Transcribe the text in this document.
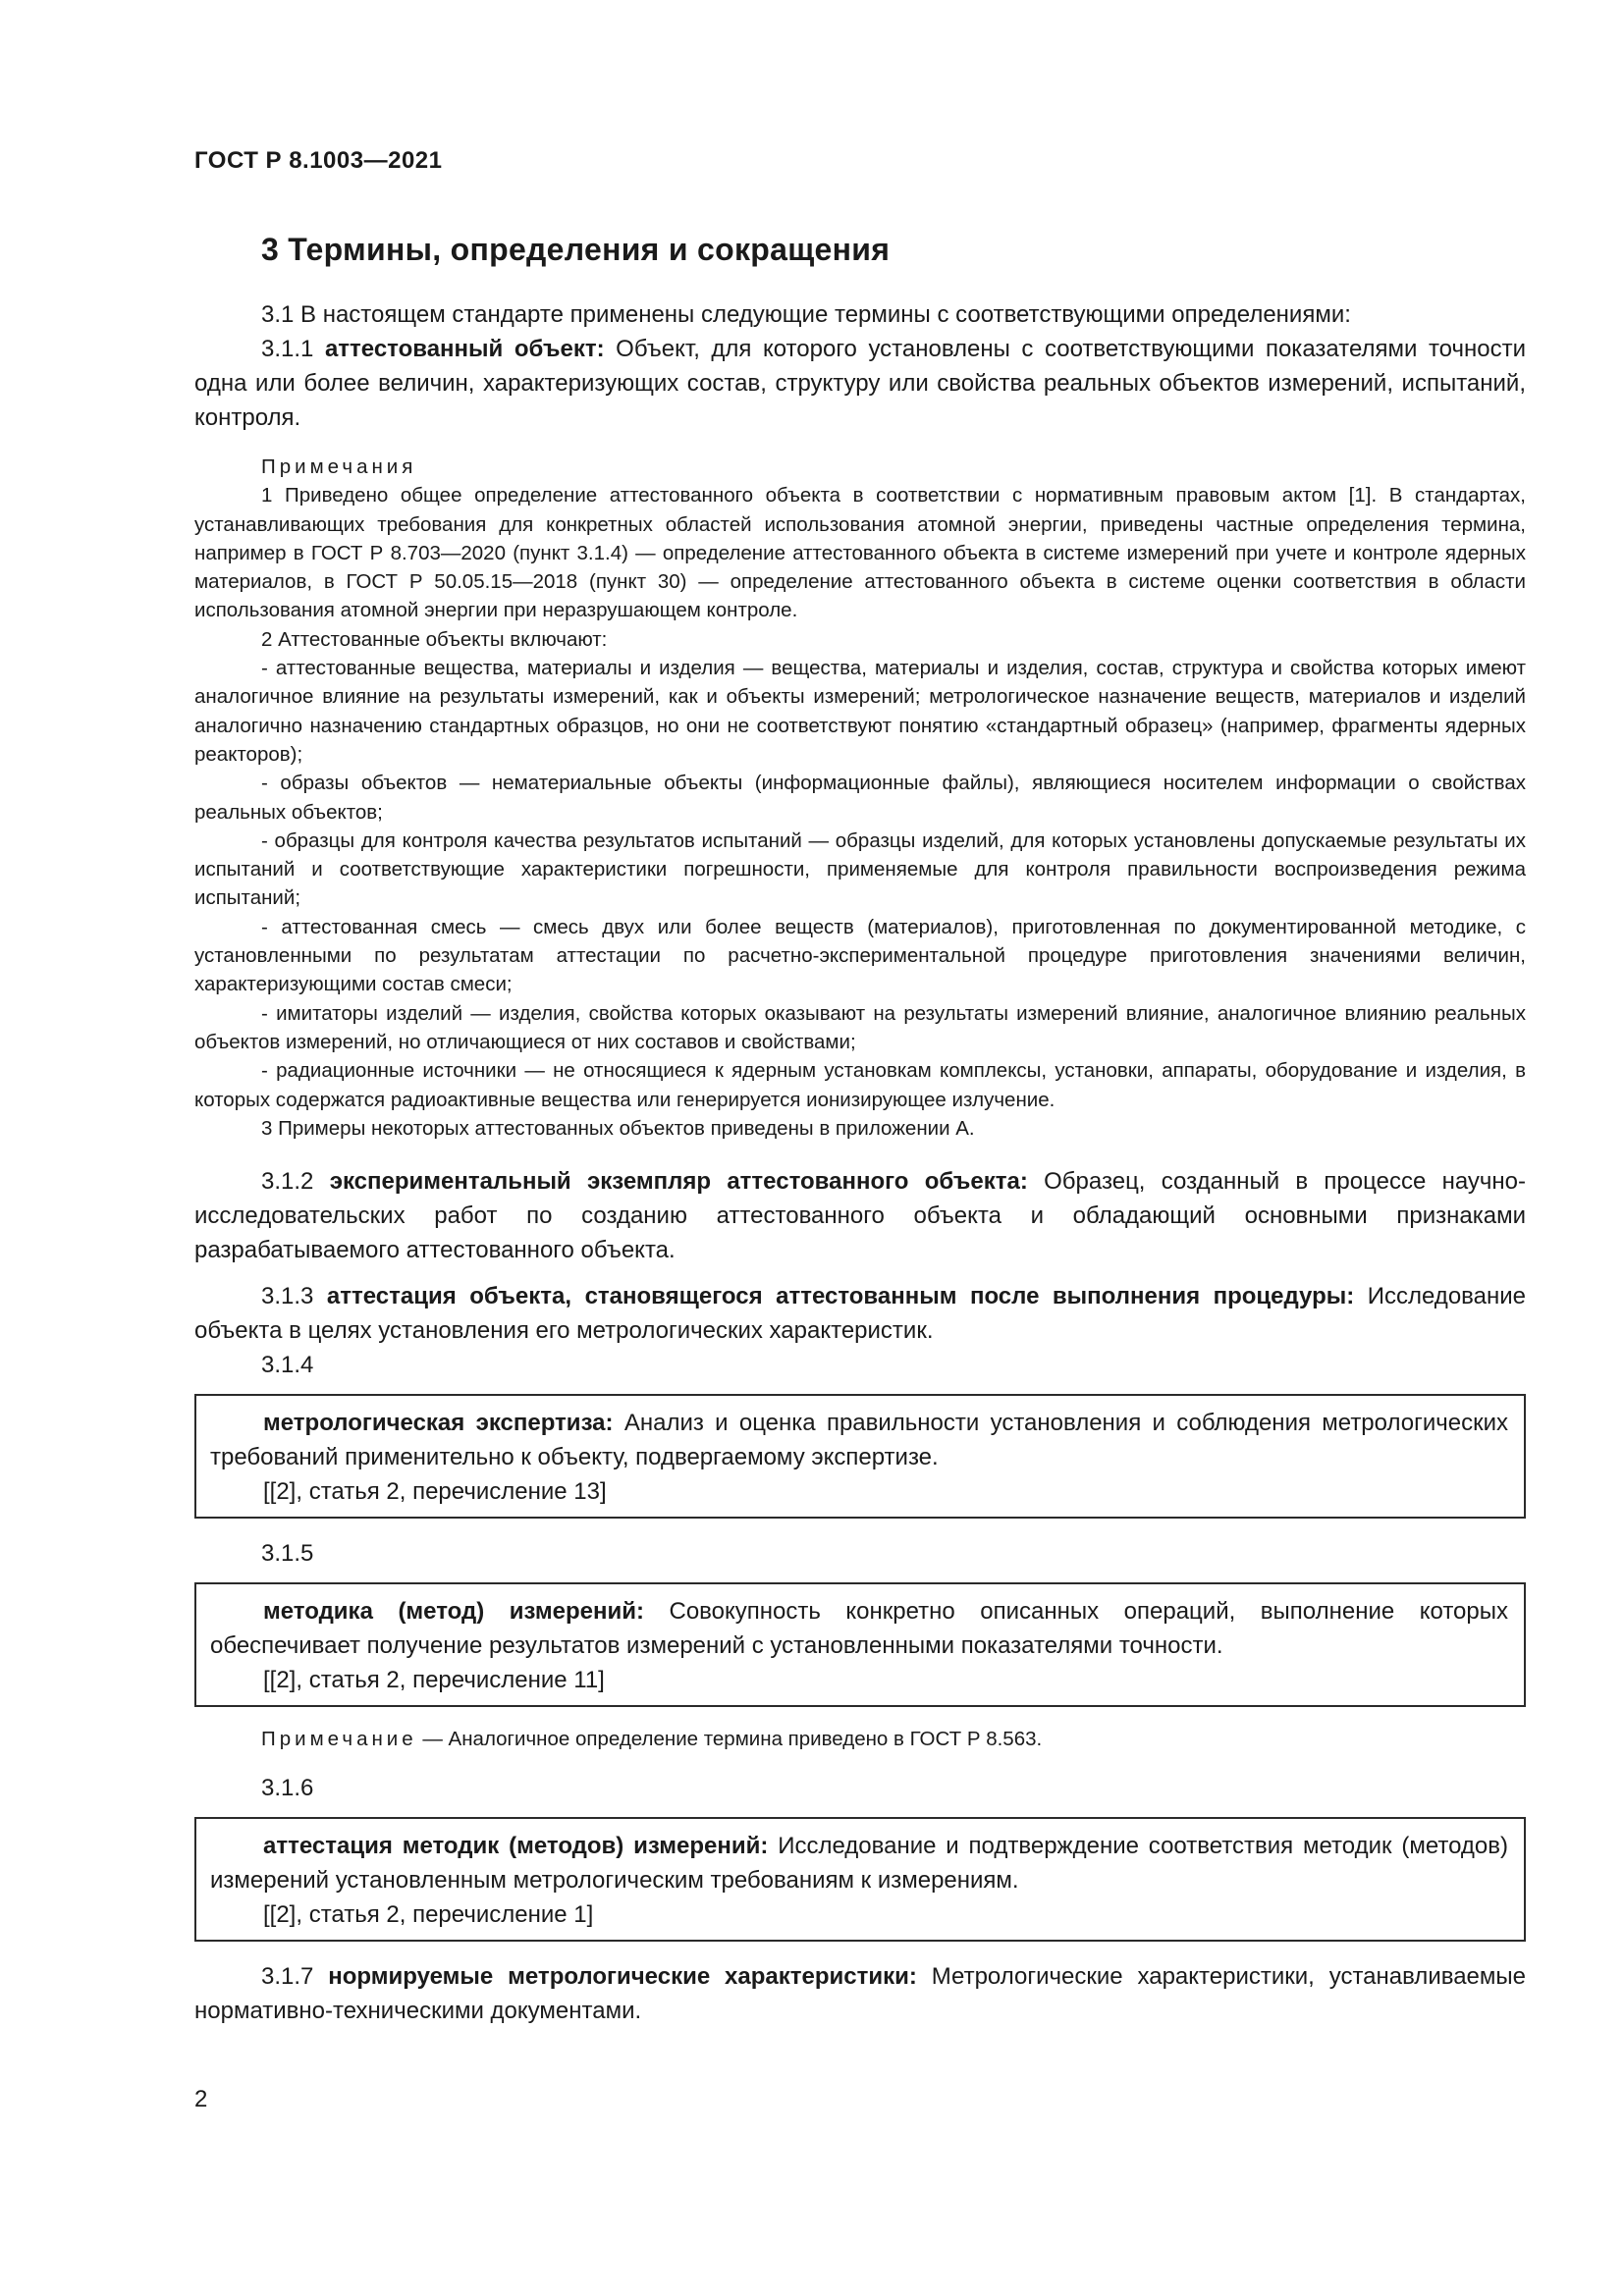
ГОСТ Р 8.1003—2021
3 Термины, определения и сокращения

3.1 В настоящем стандарте применены следующие термины с соответствующими определениями:

3.1.1 аттестованный объект: Объект, для которого установлены с соответствующими показателями точности одна или более величин, характеризующих состав, структуру или свойства реальных объектов измерений, испытаний, контроля.

Примечания

1 Приведено общее определение аттестованного объекта в соответствии с нормативным правовым актом [1]. В стандартах, устанавливающих требования для конкретных областей использования атомной энергии, приведены частные определения термина, например в ГОСТ Р 8.703—2020 (пункт 3.1.4) — определение аттестованного объекта в системе измерений при учете и контроле ядерных материалов, в ГОСТ Р 50.05.15—2018 (пункт 30) — определение аттестованного объекта в системе оценки соответствия в области использования атомной энергии при неразрушающем контроле.

2 Аттестованные объекты включают:

- аттестованные вещества, материалы и изделия — вещества, материалы и изделия, состав, структура и свойства которых имеют аналогичное влияние на результаты измерений, как и объекты измерений; метрологическое назначение веществ, материалов и изделий аналогично назначению стандартных образцов, но они не соответствуют понятию «стандартный образец» (например, фрагменты ядерных реакторов);

- образы объектов — нематериальные объекты (информационные файлы), являющиеся носителем информации о свойствах реальных объектов;

- образцы для контроля качества результатов испытаний — образцы изделий, для которых установлены допускаемые результаты их испытаний и соответствующие характеристики погрешности, применяемые для контроля правильности воспроизведения режима испытаний;

- аттестованная смесь — смесь двух или более веществ (материалов), приготовленная по документированной методике, с установленными по результатам аттестации по расчетно-экспериментальной процедуре приготовления значениями величин, характеризующими состав смеси;

- имитаторы изделий — изделия, свойства которых оказывают на результаты измерений влияние, аналогичное влиянию реальных объектов измерений, но отличающиеся от них составов и свойствами;

- радиационные источники — не относящиеся к ядерным установкам комплексы, установки, аппараты, оборудование и изделия, в которых содержатся радиоактивные вещества или генерируется ионизирующее излучение.

3 Примеры некоторых аттестованных объектов приведены в приложении А.

3.1.2 экспериментальный экземпляр аттестованного объекта: Образец, созданный в процессе научно-исследовательских работ по созданию аттестованного объекта и обладающий основными признаками разрабатываемого аттестованного объекта.

3.1.3 аттестация объекта, становящегося аттестованным после выполнения процедуры: Исследование объекта в целях установления его метрологических характеристик.

3.1.4

метрологическая экспертиза: Анализ и оценка правильности установления и соблюдения метрологических требований применительно к объекту, подвергаемому экспертизе.

[[2], статья 2, перечисление 13]

3.1.5

методика (метод) измерений: Совокупность конкретно описанных операций, выполнение которых обеспечивает получение результатов измерений с установленными показателями точности.

[[2], статья 2, перечисление 11]

Примечание — Аналогичное определение термина приведено в ГОСТ Р 8.563.

3.1.6

аттестация методик (методов) измерений: Исследование и подтверждение соответствия методик (методов) измерений установленным метрологическим требованиям к измерениям.

[[2], статья 2, перечисление 1]

3.1.7 нормируемые метрологические характеристики: Метрологические характеристики, устанавливаемые нормативно-техническими документами.

2
